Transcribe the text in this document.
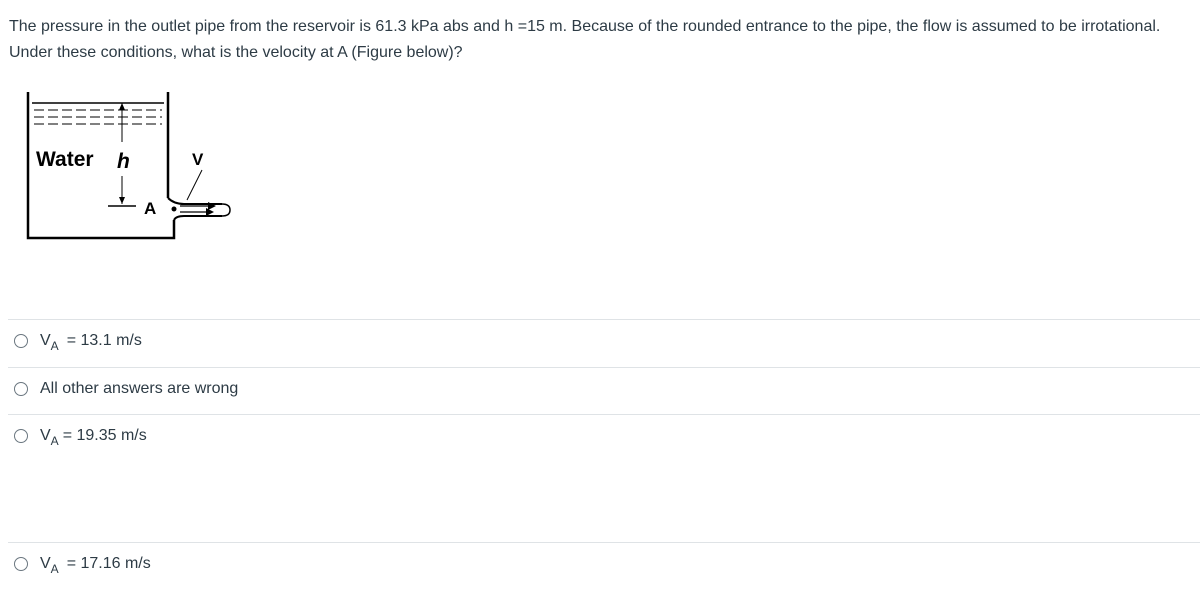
The pressure in the outlet pipe from the reservoir is 61.3 kPa abs and h =15 m. Because of the rounded entrance to the pipe, the flow is assumed to be irrotational. Under these conditions, what is the velocity at A (Figure below)?
Water h	V
A
$V_A = 13.1$ m/s
All other answers are wrong
$V_A = 19.35$ m/s
$V_A = 17.16$ m/s
